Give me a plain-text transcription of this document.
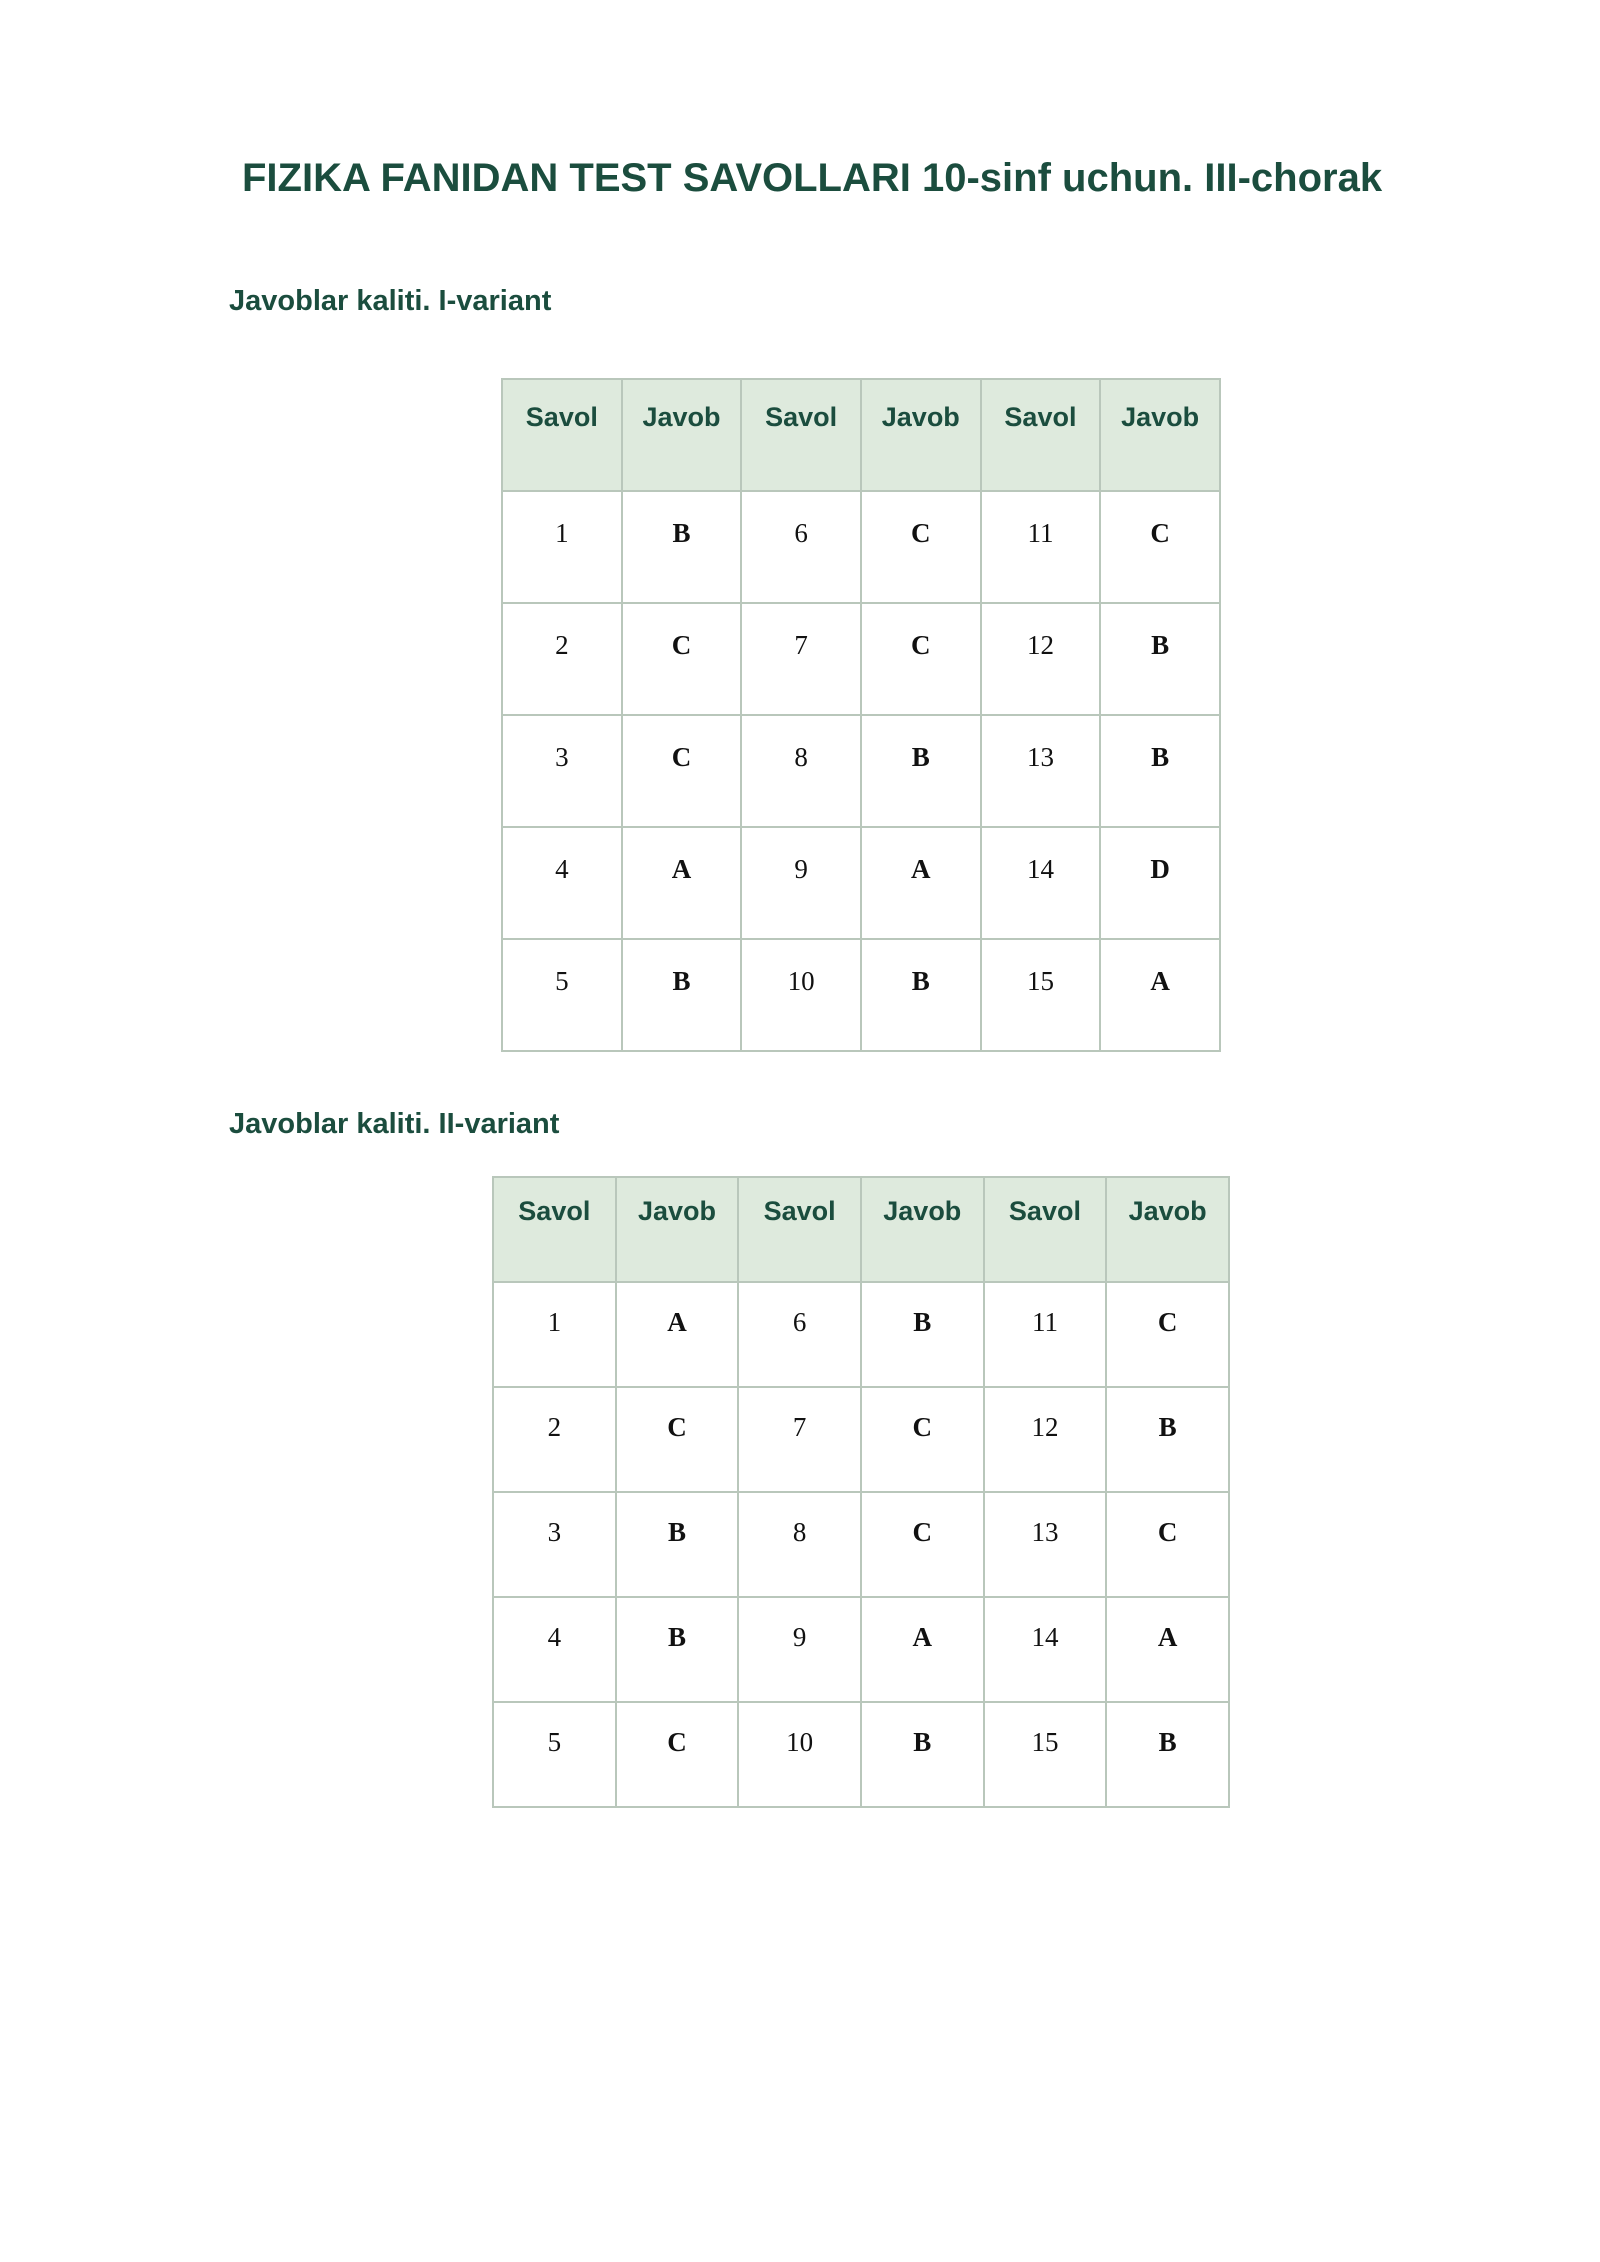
FIZIKA FANIDAN TEST SAVOLLARI 10-sinf uchun. III-chorak
Javoblar kaliti. I-variant
Savol	Javob	Savol	Javob	Savol	Javob
1	B	6	C	11	C
2	C	7	C	12	B
3	C	8	B	13	B
4	A	9	A	14	D
5	B	10	B	15	A
Javoblar kaliti. II-variant
Savol	Javob	Savol	Javob	Savol	Javob
1	A	6	B	11	C
2	C	7	C	12	B
3	B	8	C	13	C
4	B	9	A	14	A
5	C	10	B	15	B
